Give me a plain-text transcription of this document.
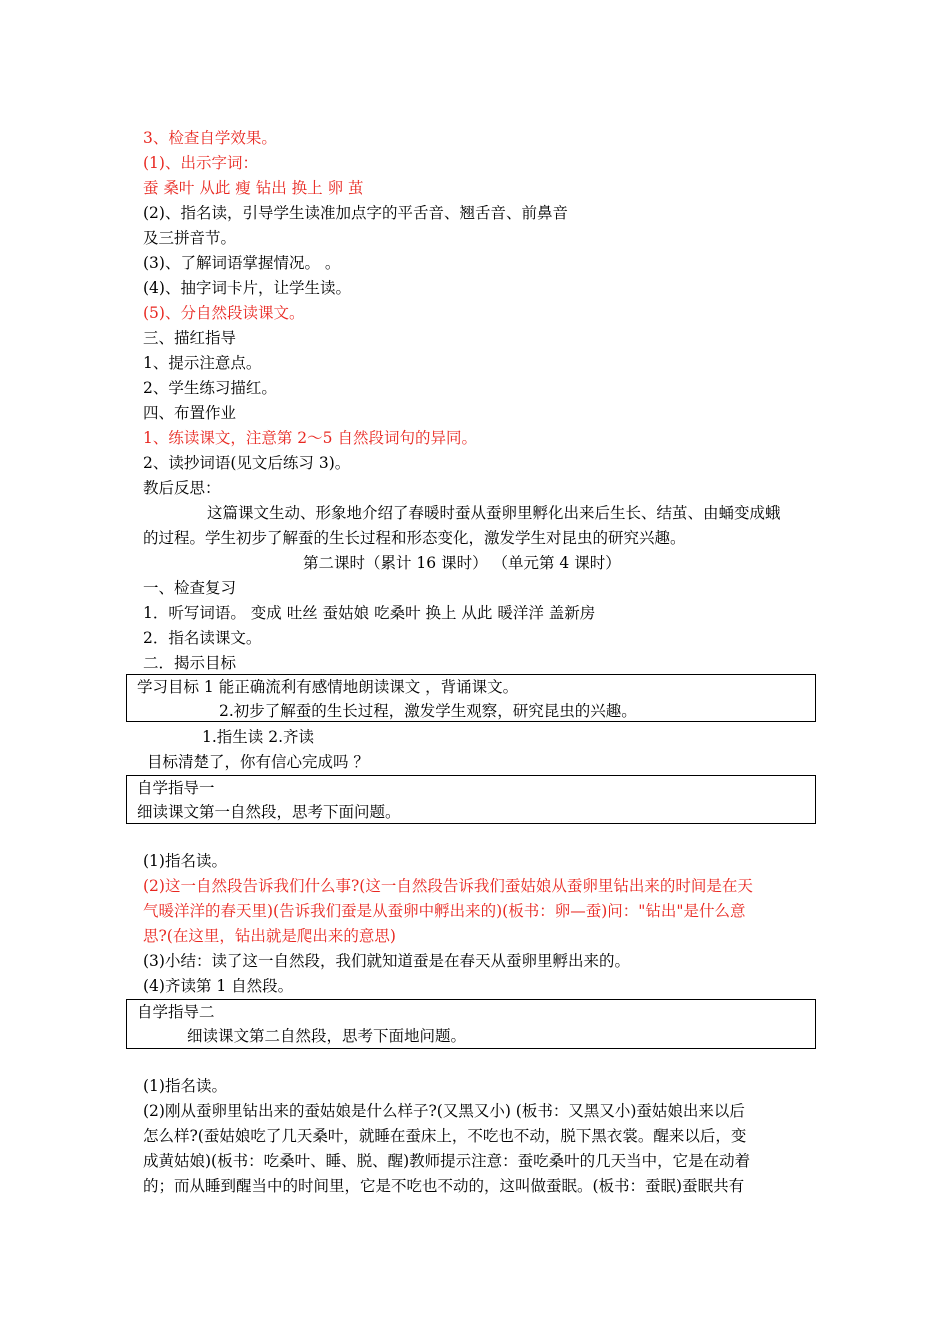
3、检查自学效果。
(1)、出示字词：
蚕 桑叶 从此 瘦 钻出 换上 卵 茧
(2)、指名读，引导学生读准加点字的平舌音、翘舌音、前鼻音
及三拼音节。
(3)、了解词语掌握情况。 。
(4)、抽字词卡片，让学生读。
(5)、分自然段读课文。
三、描红指导
1、提示注意点。
2、学生练习描红。
四、布置作业
1、练读课文，注意第 2～5 自然段词句的异同。
2、读抄词语(见文后练习 3)。
教后反思：
这篇课文生动、形象地介绍了春暖时蚕从蚕卵里孵化出来后生长、结茧、由蛹变成蛾
的过程。学生初步了解蚕的生长过程和形态变化，激发学生对昆虫的研究兴趣。
第二课时（累计 16 课时） （单元第 4 课时）
一、检查复习
1．听写词语。 变成 吐丝 蚕姑娘 吃桑叶 换上 从此 暖洋洋 盖新房
2．指名读课文。
二．揭示目标
学习目标 1 能正确流利有感情地朗读课文 ，背诵课文。
2.初步了解蚕的生长过程，激发学生观察，研究昆虫的兴趣。
1.指生读 2.齐读
目标清楚了，你有信心完成吗 ？
自学指导一
细读课文第一自然段，思考下面问题。
(1)指名读。
(2)这一自然段告诉我们什么事?(这一自然段告诉我们蚕姑娘从蚕卵里钻出来的时间是在天
气暖洋洋的春天里)(告诉我们蚕是从蚕卵中孵出来的)(板书：卵—蚕)问："钻出"是什么意
思?(在这里，钻出就是爬出来的意思)
(3)小结：读了这一自然段，我们就知道蚕是在春天从蚕卵里孵出来的。
(4)齐读第 1 自然段。
自学指导二
细读课文第二自然段，思考下面地问题。
(1)指名读。
(2)刚从蚕卵里钻出来的蚕姑娘是什么样子?(又黑又小) (板书：又黑又小)蚕姑娘出来以后
怎么样?(蚕姑娘吃了几天桑叶，就睡在蚕床上，不吃也不动，脱下黑衣裳。醒来以后，变
成黄姑娘)(板书：吃桑叶、睡、脱、醒)教师提示注意：蚕吃桑叶的几天当中，它是在动着
的；而从睡到醒当中的时间里，它是不吃也不动的，这叫做蚕眠。(板书：蚕眠)蚕眠共有
